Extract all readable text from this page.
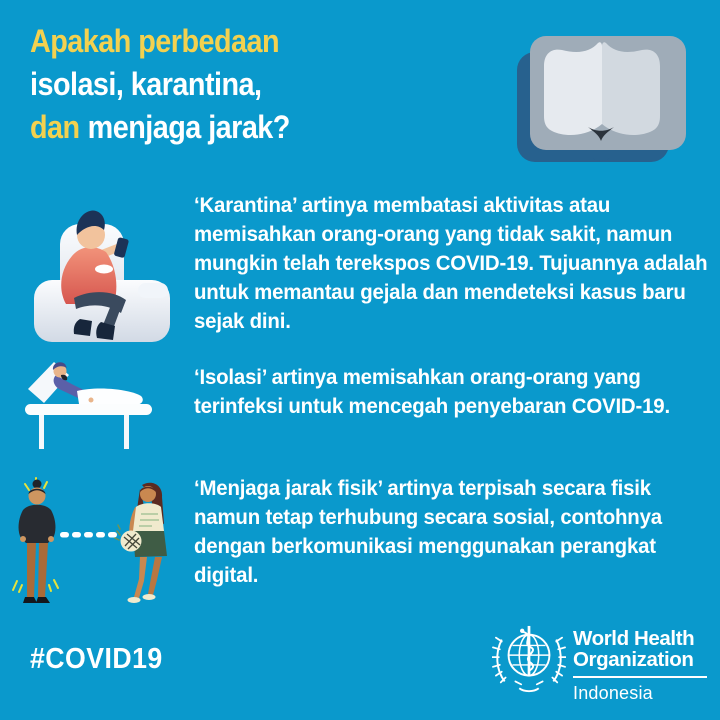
Apakah perbedaan
isolasi, karantina,
dan menjaga jarak?

‘Karantina’ artinya membatasi aktivitas atau memisahkan orang-orang yang tidak sakit, namun mungkin telah terekspos COVID-19. Tujuannya adalah untuk memantau gejala dan mendeteksi kasus baru sejak dini.

‘Isolasi’ artinya memisahkan orang-orang yang terinfeksi untuk mencegah penyebaran COVID-19.

‘Menjaga jarak fisik’ artinya terpisah secara fisik namun tetap terhubung secara sosial, contohnya dengan berkomunikasi menggunakan perangkat digital.

#COVID19
World Health
Organization
Indonesia
